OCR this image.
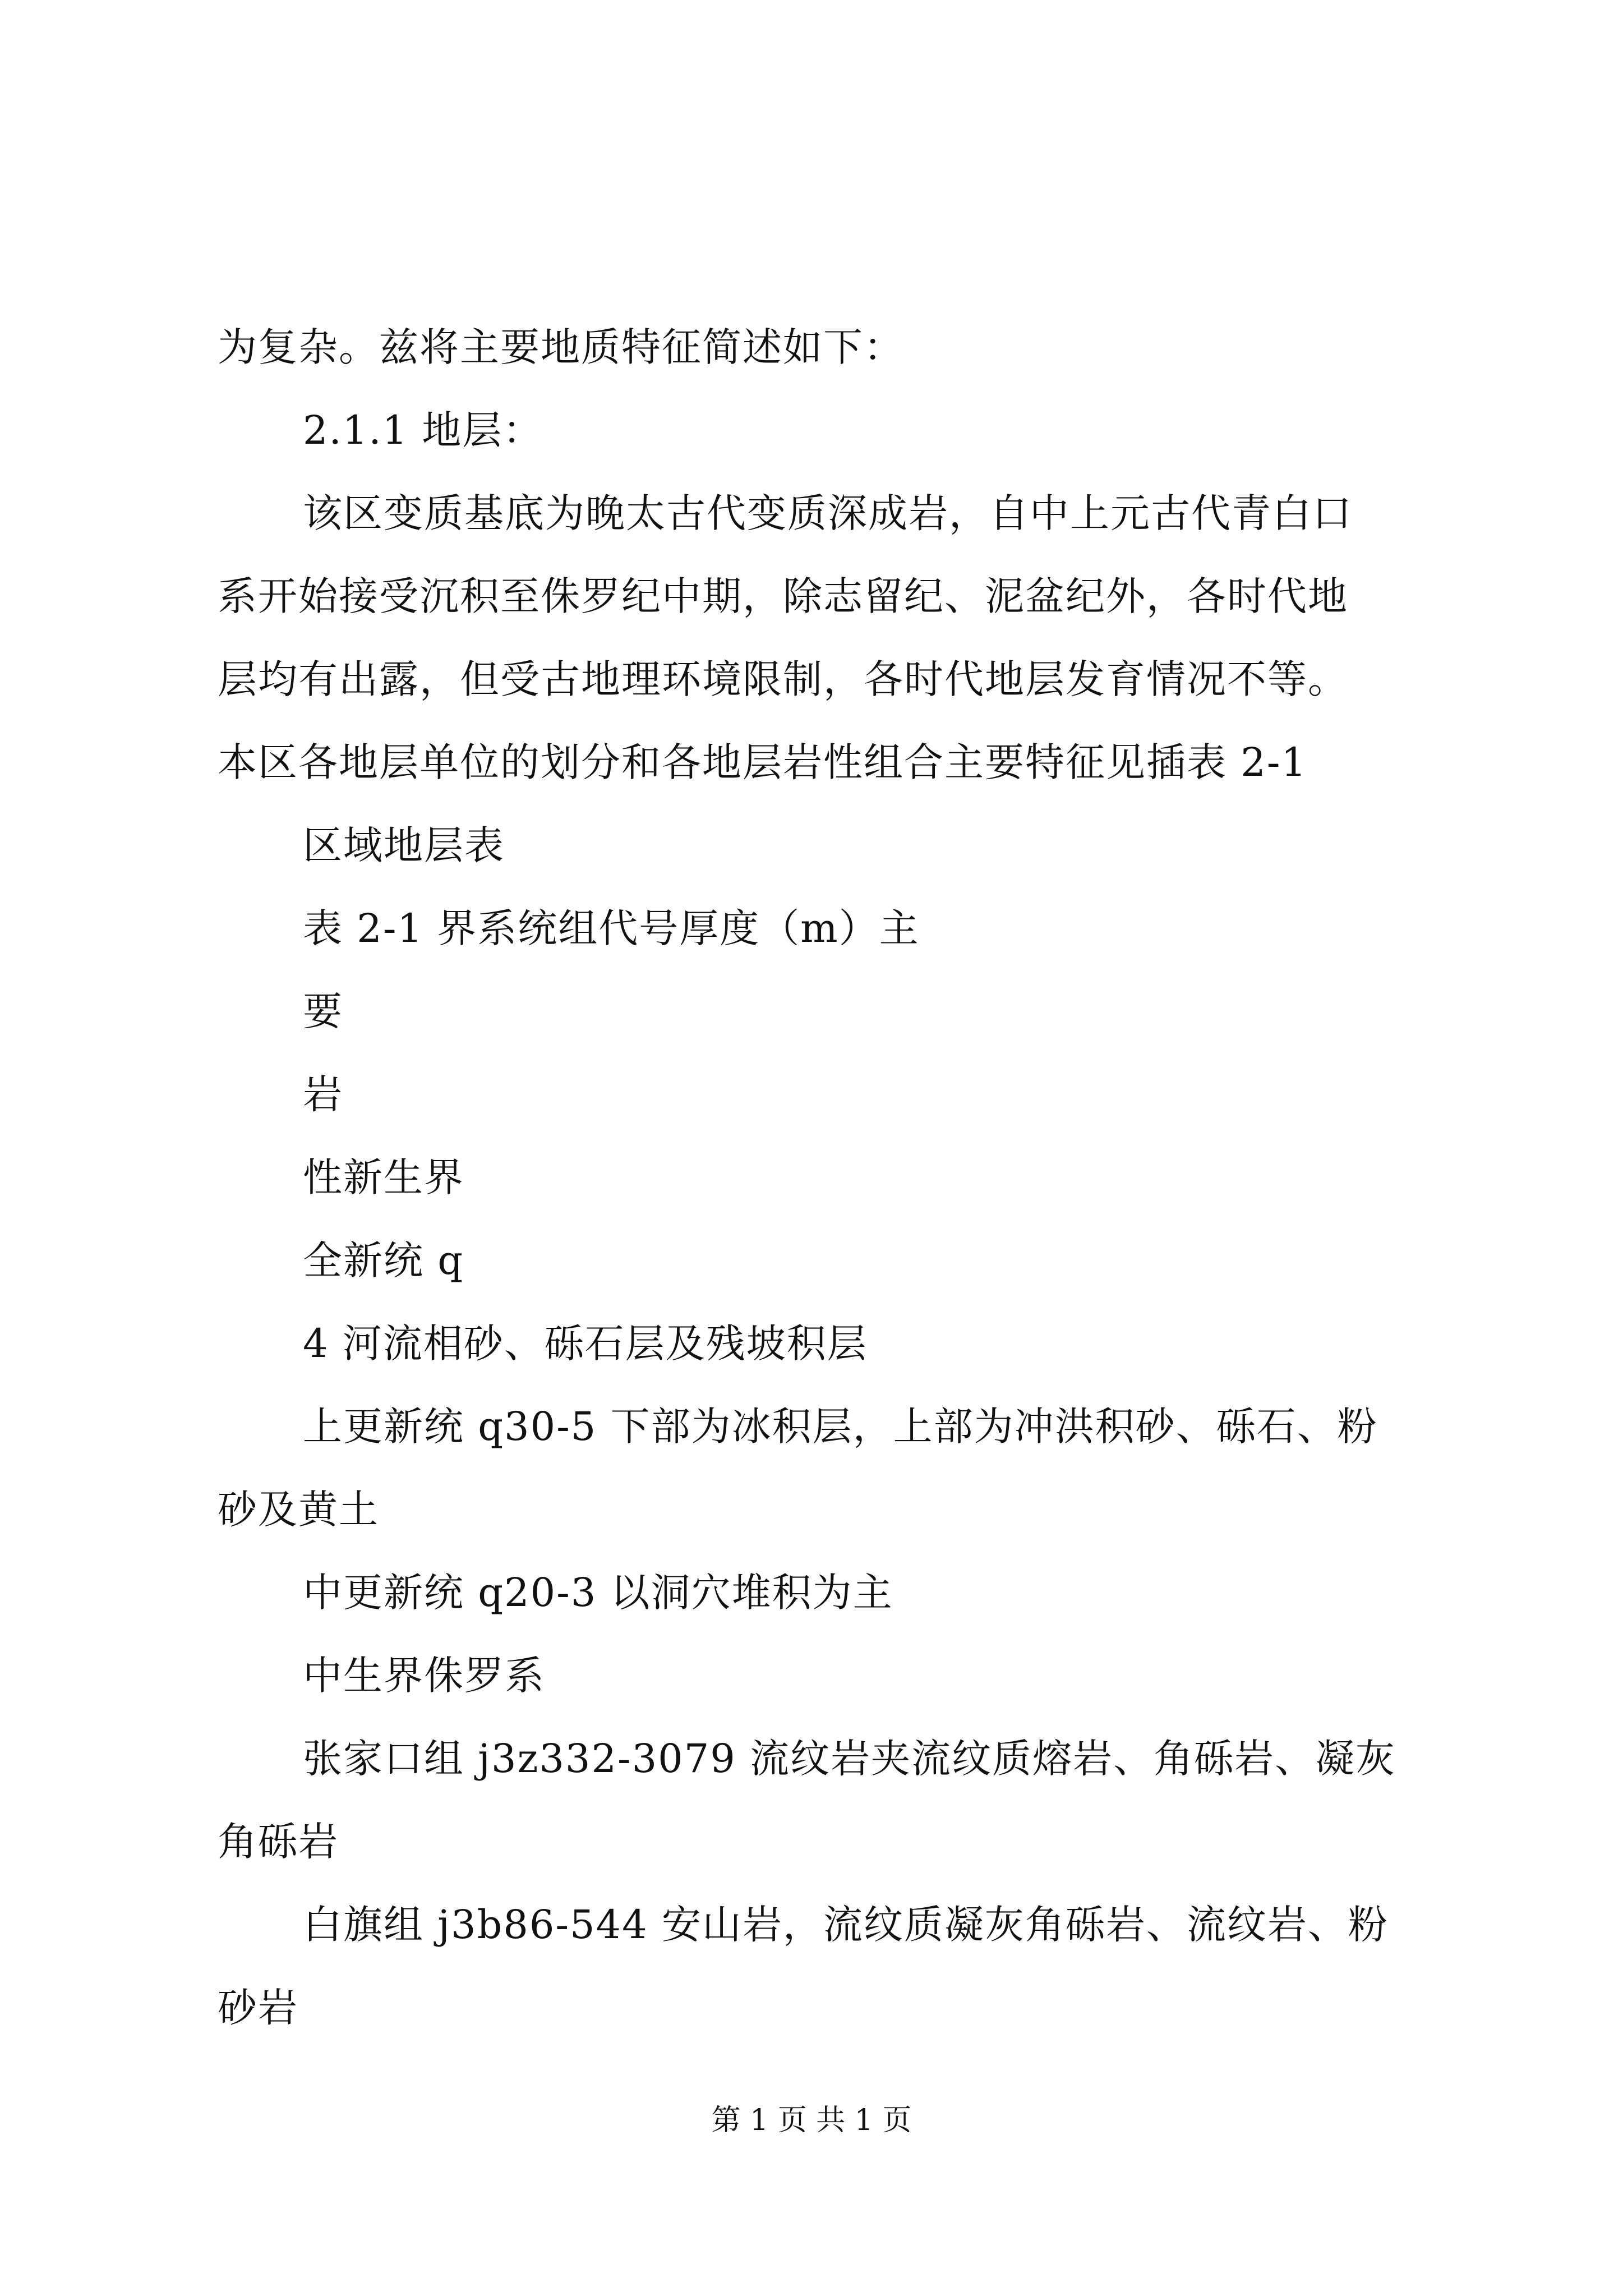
为复杂。兹将主要地质特征简述如下：
2.1.1 地层：
该区变质基底为晚太古代变质深成岩，自中上元古代青白口
系开始接受沉积至侏罗纪中期，除志留纪、泥盆纪外，各时代地
层均有出露，但受古地理环境限制，各时代地层发育情况不等。
本区各地层单位的划分和各地层岩性组合主要特征见插表 2-1
区域地层表
表 2-1 界系统组代号厚度（m）主
要
岩
性新生界
全新统 q
4 河流相砂、砾石层及残坡积层
上更新统 q30-5 下部为冰积层，上部为冲洪积砂、砾石、粉
砂及黄土
中更新统 q20-3 以洞穴堆积为主
中生界侏罗系
张家口组 j3z332-3079 流纹岩夹流纹质熔岩、角砾岩、凝灰
角砾岩
白旗组 j3b86-544 安山岩，流纹质凝灰角砾岩、流纹岩、粉
砂岩
第 1 页 共 1 页
